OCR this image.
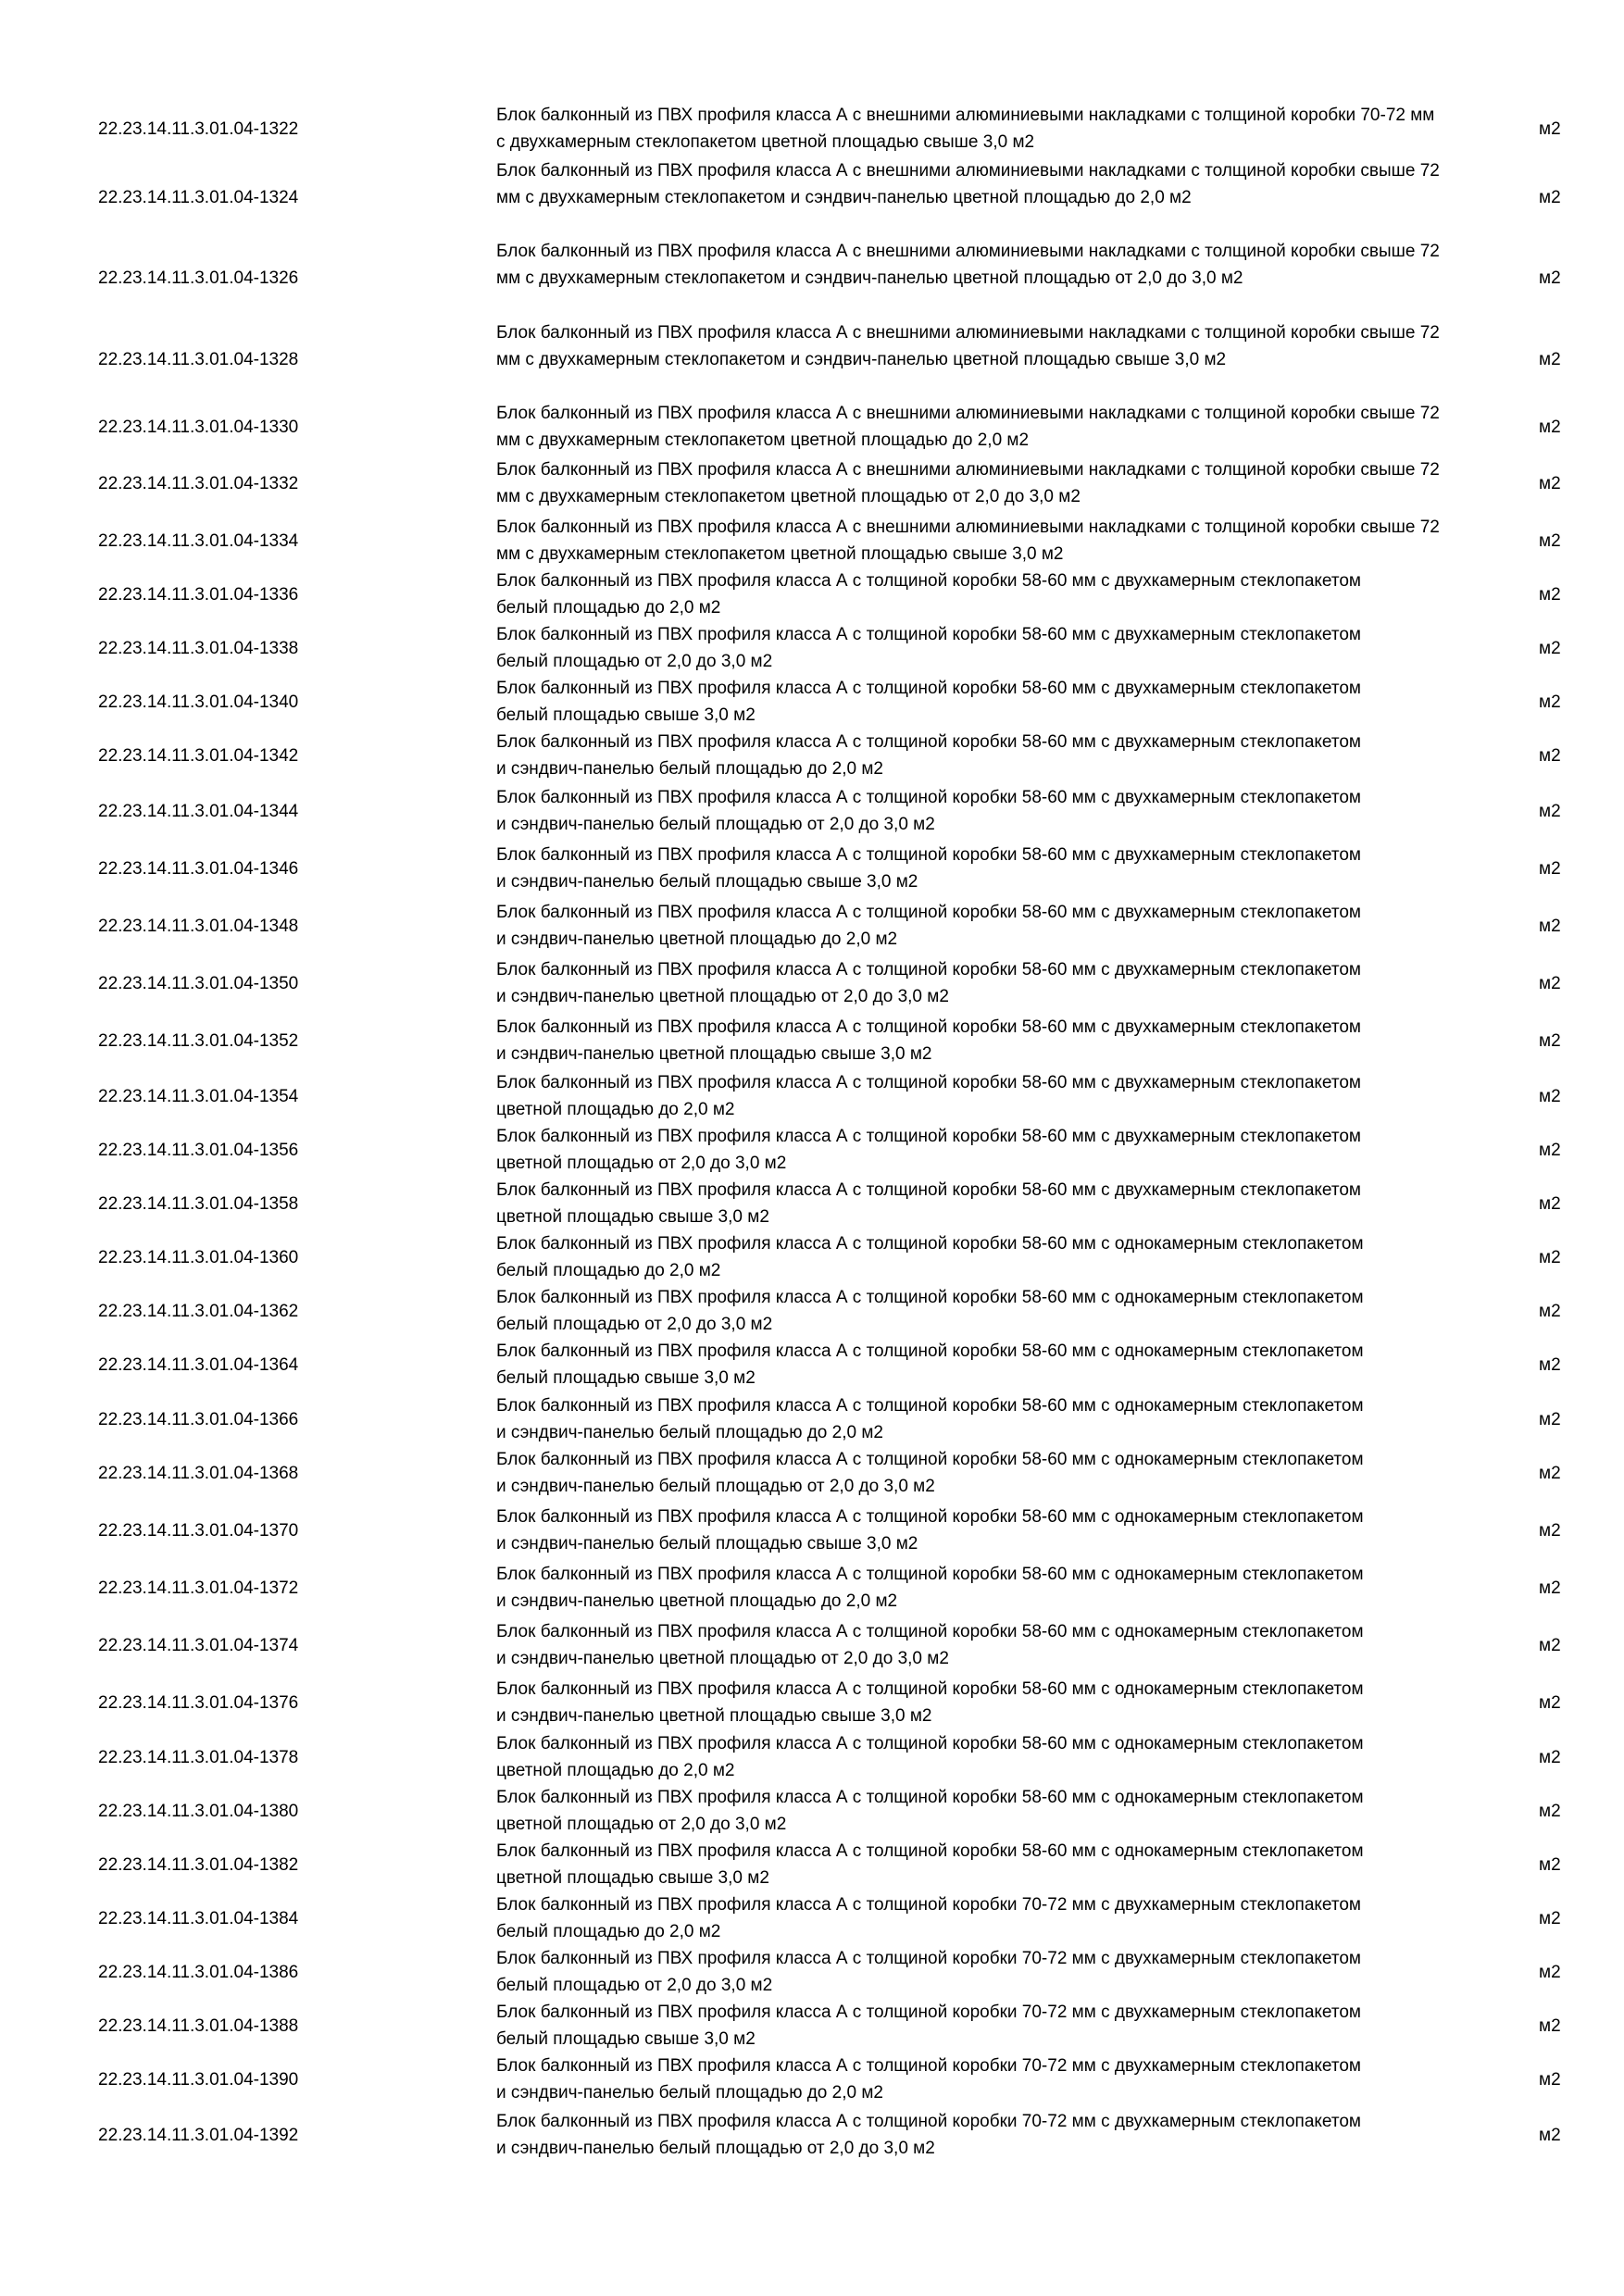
22.23.14.11.3.01.04-1322
Блок балконный из ПВХ профиля класса А с внешними алюминиевыми накладками с толщиной коробки 70-72 мм с двухкамерным стеклопакетом цветной площадью свыше 3,0 м2
м2
22.23.14.11.3.01.04-1324
Блок балконный из ПВХ профиля класса А с внешними алюминиевыми накладками с толщиной коробки свыше 72 мм с двухкамерным стеклопакетом и сэндвич-панелью цветной площадью до 2,0 м2	м2
22.23.14.11.3.01.04-1326
Блок балконный из ПВХ профиля класса А с внешними алюминиевыми накладками с толщиной коробки свыше 72 мм с двухкамерным стеклопакетом и сэндвич-панелью цветной площадью от 2,0 до 3,0 м2	м2
22.23.14.11.3.01.04-1328
Блок балконный из ПВХ профиля класса А с внешними алюминиевыми накладками с толщиной коробки свыше 72 мм с двухкамерным стеклопакетом и сэндвич-панелью цветной площадью свыше 3,0 м2	м2
22.23.14.11.3.01.04-1330
Блок балконный из ПВХ профиля класса А с внешними алюминиевыми накладками с толщиной коробки свыше 72 мм с двухкамерным стеклопакетом цветной площадью до 2,0 м2
м2
22.23.14.11.3.01.04-1332
Блок балконный из ПВХ профиля класса А с внешними алюминиевыми накладками с толщиной коробки свыше 72 мм с двухкамерным стеклопакетом цветной площадью от 2,0 до 3,0 м2
м2
22.23.14.11.3.01.04-1334
Блок балконный из ПВХ профиля класса А с внешними алюминиевыми накладками с толщиной коробки свыше 72 мм с двухкамерным стеклопакетом цветной площадью свыше 3,0 м2
м2
22.23.14.11.3.01.04-1336
Блок балконный из ПВХ профиля класса А с толщиной коробки 58-60 мм с двухкамерным стеклопакетом белый площадью до 2,0 м2
м2
22.23.14.11.3.01.04-1338
Блок балконный из ПВХ профиля класса А с толщиной коробки 58-60 мм с двухкамерным стеклопакетом белый площадью от 2,0 до 3,0 м2
м2
22.23.14.11.3.01.04-1340
Блок балконный из ПВХ профиля класса А с толщиной коробки 58-60 мм с двухкамерным стеклопакетом белый площадью свыше 3,0 м2
м2
22.23.14.11.3.01.04-1342
Блок балконный из ПВХ профиля класса А с толщиной коробки 58-60 мм с двухкамерным стеклопакетом и сэндвич-панелью белый площадью до 2,0 м2
м2
22.23.14.11.3.01.04-1344
Блок балконный из ПВХ профиля класса А с толщиной коробки 58-60 мм с двухкамерным стеклопакетом и сэндвич-панелью белый площадью от 2,0 до 3,0 м2
м2
22.23.14.11.3.01.04-1346
Блок балконный из ПВХ профиля класса А с толщиной коробки 58-60 мм с двухкамерным стеклопакетом и сэндвич-панелью белый площадью свыше 3,0 м2
м2
22.23.14.11.3.01.04-1348
Блок балконный из ПВХ профиля класса А с толщиной коробки 58-60 мм с двухкамерным стеклопакетом и сэндвич-панелью цветной площадью до 2,0 м2
м2
22.23.14.11.3.01.04-1350
Блок балконный из ПВХ профиля класса А с толщиной коробки 58-60 мм с двухкамерным стеклопакетом и сэндвич-панелью цветной площадью от 2,0 до 3,0 м2
м2
22.23.14.11.3.01.04-1352
Блок балконный из ПВХ профиля класса А с толщиной коробки 58-60 мм с двухкамерным стеклопакетом и сэндвич-панелью цветной площадью свыше 3,0 м2
м2
22.23.14.11.3.01.04-1354
Блок балконный из ПВХ профиля класса А с толщиной коробки 58-60 мм с двухкамерным стеклопакетом цветной площадью до 2,0 м2
м2
22.23.14.11.3.01.04-1356
Блок балконный из ПВХ профиля класса А с толщиной коробки 58-60 мм с двухкамерным стеклопакетом цветной площадью от 2,0 до 3,0 м2
м2
22.23.14.11.3.01.04-1358
Блок балконный из ПВХ профиля класса А с толщиной коробки 58-60 мм с двухкамерным стеклопакетом цветной площадью свыше 3,0 м2
м2
22.23.14.11.3.01.04-1360
Блок балконный из ПВХ профиля класса А с толщиной коробки 58-60 мм с однокамерным стеклопакетом белый площадью до 2,0 м2
м2
22.23.14.11.3.01.04-1362
Блок балконный из ПВХ профиля класса А с толщиной коробки 58-60 мм с однокамерным стеклопакетом белый площадью от 2,0 до 3,0 м2
м2
22.23.14.11.3.01.04-1364
Блок балконный из ПВХ профиля класса А с толщиной коробки 58-60 мм с однокамерным стеклопакетом белый площадью свыше 3,0 м2
м2
22.23.14.11.3.01.04-1366
Блок балконный из ПВХ профиля класса А с толщиной коробки 58-60 мм с однокамерным стеклопакетом и сэндвич-панелью белый площадью до 2,0 м2
м2
22.23.14.11.3.01.04-1368
Блок балконный из ПВХ профиля класса А с толщиной коробки 58-60 мм с однокамерным стеклопакетом и сэндвич-панелью белый площадью от 2,0 до 3,0 м2
м2
22.23.14.11.3.01.04-1370
Блок балконный из ПВХ профиля класса А с толщиной коробки 58-60 мм с однокамерным стеклопакетом и сэндвич-панелью белый площадью свыше 3,0 м2
м2
22.23.14.11.3.01.04-1372
Блок балконный из ПВХ профиля класса А с толщиной коробки 58-60 мм с однокамерным стеклопакетом и сэндвич-панелью цветной площадью до 2,0 м2
м2
22.23.14.11.3.01.04-1374
Блок балконный из ПВХ профиля класса А с толщиной коробки 58-60 мм с однокамерным стеклопакетом и сэндвич-панелью цветной площадью от 2,0 до 3,0 м2
м2
22.23.14.11.3.01.04-1376
Блок балконный из ПВХ профиля класса А с толщиной коробки 58-60 мм с однокамерным стеклопакетом и сэндвич-панелью цветной площадью свыше 3,0 м2
м2
22.23.14.11.3.01.04-1378
Блок балконный из ПВХ профиля класса А с толщиной коробки 58-60 мм с однокамерным стеклопакетом цветной площадью до 2,0 м2
м2
22.23.14.11.3.01.04-1380
Блок балконный из ПВХ профиля класса А с толщиной коробки 58-60 мм с однокамерным стеклопакетом цветной площадью от 2,0 до 3,0 м2
м2
22.23.14.11.3.01.04-1382
Блок балконный из ПВХ профиля класса А с толщиной коробки 58-60 мм с однокамерным стеклопакетом цветной площадью свыше 3,0 м2
м2
22.23.14.11.3.01.04-1384
Блок балконный из ПВХ профиля класса А с толщиной коробки 70-72 мм с двухкамерным стеклопакетом белый площадью до 2,0 м2
м2
22.23.14.11.3.01.04-1386
Блок балконный из ПВХ профиля класса А с толщиной коробки 70-72 мм с двухкамерным стеклопакетом белый площадью от 2,0 до 3,0 м2
м2
22.23.14.11.3.01.04-1388
Блок балконный из ПВХ профиля класса А с толщиной коробки 70-72 мм с двухкамерным стеклопакетом белый площадью свыше 3,0 м2
м2
22.23.14.11.3.01.04-1390
Блок балконный из ПВХ профиля класса А с толщиной коробки 70-72 мм с двухкамерным стеклопакетом и сэндвич-панелью белый площадью до 2,0 м2
м2
22.23.14.11.3.01.04-1392
Блок балконный из ПВХ профиля класса А с толщиной коробки 70-72 мм с двухкамерным стеклопакетом и сэндвич-панелью белый площадью от 2,0 до 3,0 м2
м2
